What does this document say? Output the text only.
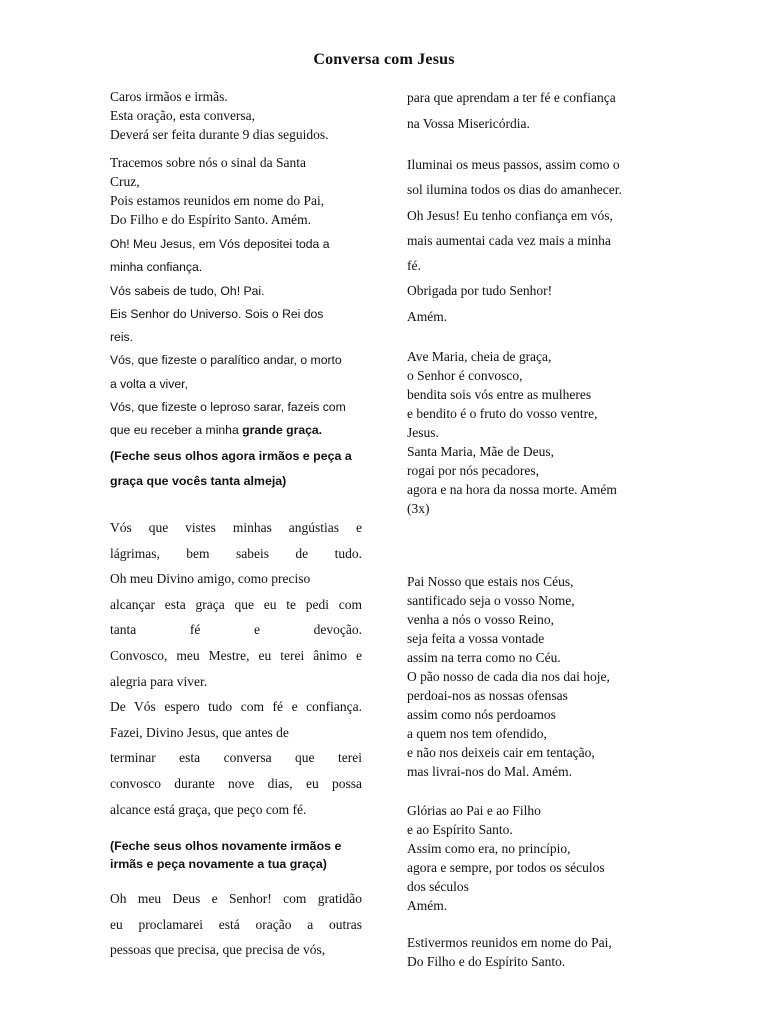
Conversa com Jesus
Caros irmãos e irmãs.
Esta oração, esta conversa,
Deverá ser feita durante 9 dias seguidos.
Tracemos sobre nós o sinal da Santa
Cruz,
Pois estamos reunidos em nome do Pai,
Do Filho e do Espírito Santo. Amém.
Oh! Meu Jesus, em Vós depositei toda a
minha confiança.
Vós sabeis de tudo, Oh! Pai.
Eis Senhor do Universo. Sois o Rei dos
reis.
Vós, que fizeste o paralítico andar, o morto
a volta a viver,
Vós, que fizeste o leproso sarar, fazeis com
que eu receber a minha grande graça.
(Feche seus olhos agora irmãos e peça a
graça que vocês tanta almeja)
Vós que vistes minhas angústias e
lágrimas, bem sabeis de tudo.
Oh meu Divino amigo, como preciso
alcançar esta graça que eu te pedi com
tanta fé e devoção.
Convosco, meu Mestre, eu terei ânimo e
alegria para viver.
De Vós espero tudo com fé e confiança.
Fazei, Divino Jesus, que antes de
terminar esta conversa que terei
convosco durante nove dias, eu possa
alcance está graça, que peço com fé.
(Feche seus olhos novamente irmãos e
irmãs e peça novamente a tua graça)
Oh meu Deus e Senhor! com gratidão
eu proclamarei está oração a outras
pessoas que precisa, que precisa de vós,
para que aprendam a ter fé e confiança
na Vossa Misericórdia.
Iluminai os meus passos, assim como o
sol ilumina todos os dias do amanhecer.
Oh Jesus! Eu tenho confiança em vós,
mais aumentai cada vez mais a minha
fé.
Obrigada por tudo Senhor!
Amém.
Ave Maria, cheia de graça,
o Senhor é convosco,
bendita sois vós entre as mulheres
e bendito é o fruto do vosso ventre,
Jesus.
Santa Maria, Mãe de Deus,
rogai por nós pecadores,
agora e na hora da nossa morte. Amém
(3x)
Pai Nosso que estais nos Céus,
santificado seja o vosso Nome,
venha a nós o vosso Reino,
seja feita a vossa vontade
assim na terra como no Céu.
O pão nosso de cada dia nos dai hoje,
perdoai-nos as nossas ofensas
assim como nós perdoamos
a quem nos tem ofendido,
e não nos deixeis cair em tentação,
mas livrai-nos do Mal. Amém.
Glórias ao Pai e ao Filho
e ao Espírito Santo.
Assim como era, no princípio,
agora e sempre, por todos os séculos
dos séculos
Amém.
Estivermos reunidos em nome do Pai,
Do Filho e do Espírito Santo.
